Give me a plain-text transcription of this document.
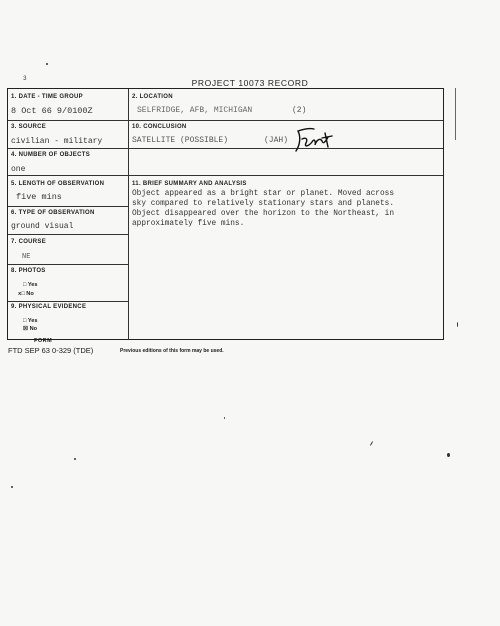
PROJECT 10073 RECORD
3
1. DATE - TIME GROUP
8 Oct 66 9/0100Z
2. LOCATION
SELFRIDGE, AFB, MICHIGAN	(2)
3. SOURCE
civilian - military
10. CONCLUSION
SATELLITE (POSSIBLE)	(JAH)
4. NUMBER OF OBJECTS
one
5. LENGTH OF OBSERVATION
five mins
11. BRIEF SUMMARY AND ANALYSIS
Object appeared as a bright star or planet. Moved across
sky compared to relatively stationary stars and planets.
Object disappeared over the horizon to the Northeast, in
approximately five mins.
6. TYPE OF OBSERVATION
ground visual
7. COURSE
NE
8. PHOTOS
□ Yes
x□ No
9. PHYSICAL EVIDENCE
□ Yes
☒ No
FORM
FTD SEP 63 0-329 (TDE)	Previous editions of this form may be used.
